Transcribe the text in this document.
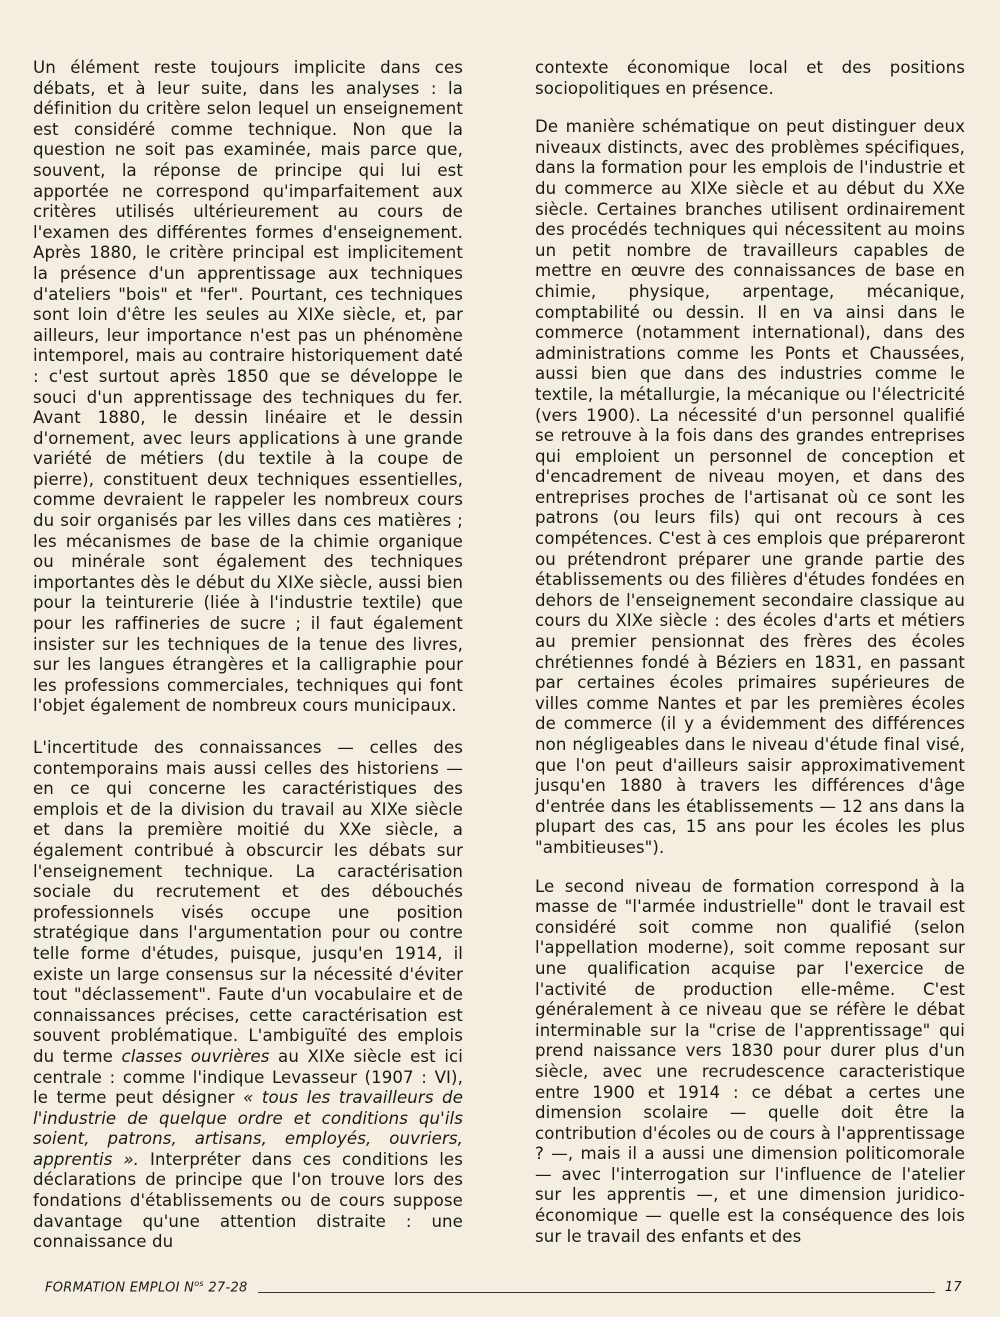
Un élément reste toujours implicite dans ces débats, et à leur suite, dans les analyses : la définition du critère selon lequel un enseignement est considéré comme technique. Non que la question ne soit pas examinée, mais parce que, souvent, la réponse de principe qui lui est apportée ne correspond qu'imparfaitement aux critères utilisés ultérieurement au cours de l'examen des différentes formes d'enseignement. Après 1880, le critère principal est implicitement la présence d'un apprentissage aux techniques d'ateliers "bois" et "fer". Pourtant, ces techniques sont loin d'être les seules au XIXe siècle, et, par ailleurs, leur importance n'est pas un phénomène intemporel, mais au contraire historiquement daté : c'est surtout après 1850 que se développe le souci d'un apprentissage des techniques du fer. Avant 1880, le dessin linéaire et le dessin d'ornement, avec leurs applications à une grande variété de métiers (du textile à la coupe de pierre), constituent deux techniques essentielles, comme devraient le rappeler les nombreux cours du soir organisés par les villes dans ces matières ; les mécanismes de base de la chimie organique ou minérale sont également des techniques importantes dès le début du XIXe siècle, aussi bien pour la teinturerie (liée à l'industrie textile) que pour les raffineries de sucre ; il faut également insister sur les techniques de la tenue des livres, sur les langues étrangères et la calligraphie pour les professions commerciales, techniques qui font l'objet également de nombreux cours municipaux.

L'incertitude des connaissances — celles des contemporains mais aussi celles des historiens — en ce qui concerne les caractéristiques des emplois et de la division du travail au XIXe siècle et dans la première moitié du XXe siècle, a également contribué à obscurcir les débats sur l'enseignement technique. La caractérisation sociale du recrutement et des débouchés professionnels visés occupe une position stratégique dans l'argumentation pour ou contre telle forme d'études, puisque, jusqu'en 1914, il existe un large consensus sur la nécessité d'éviter tout "déclassement". Faute d'un vocabulaire et de connaissances précises, cette caractérisation est souvent problématique. L'ambiguïté des emplois du terme classes ouvrières au XIXe siècle est ici centrale : comme l'indique Levasseur (1907 : VI), le terme peut désigner « tous les travailleurs de l'industrie de quelque ordre et conditions qu'ils soient, patrons, artisans, employés, ouvriers, apprentis ». Interpréter dans ces conditions les déclarations de principe que l'on trouve lors des fondations d'établissements ou de cours suppose davantage qu'une attention distraite : une connaissance du

contexte économique local et des positions sociopolitiques en présence.

De manière schématique on peut distinguer deux niveaux distincts, avec des problèmes spécifiques, dans la formation pour les emplois de l'industrie et du commerce au XIXe siècle et au début du XXe siècle. Certaines branches utilisent ordinairement des procédés techniques qui nécessitent au moins un petit nombre de travailleurs capables de mettre en œuvre des connaissances de base en chimie, physique, arpentage, mécanique, comptabilité ou dessin. Il en va ainsi dans le commerce (notamment international), dans des administrations comme les Ponts et Chaussées, aussi bien que dans des industries comme le textile, la métallurgie, la mécanique ou l'électricité (vers 1900). La nécessité d'un personnel qualifié se retrouve à la fois dans des grandes entreprises qui emploient un personnel de conception et d'encadrement de niveau moyen, et dans des entreprises proches de l'artisanat où ce sont les patrons (ou leurs fils) qui ont recours à ces compétences. C'est à ces emplois que prépareront ou prétendront préparer une grande partie des établissements ou des filières d'études fondées en dehors de l'enseignement secondaire classique au cours du XIXe siècle : des écoles d'arts et métiers au premier pensionnat des frères des écoles chrétiennes fondé à Béziers en 1831, en passant par certaines écoles primaires supérieures de villes comme Nantes et par les premières écoles de commerce (il y a évidemment des différences non négligeables dans le niveau d'étude final visé, que l'on peut d'ailleurs saisir approximativement jusqu'en 1880 à travers les différences d'âge d'entrée dans les établissements — 12 ans dans la plupart des cas, 15 ans pour les écoles les plus "ambitieuses").

Le second niveau de formation correspond à la masse de "l'armée industrielle" dont le travail est considéré soit comme non qualifié (selon l'appellation moderne), soit comme reposant sur une qualification acquise par l'exercice de l'activité de production elle-même. C'est généralement à ce niveau que se réfère le débat interminable sur la "crise de l'apprentissage" qui prend naissance vers 1830 pour durer plus d'un siècle, avec une recrudescence caracteristique entre 1900 et 1914 : ce débat a certes une dimension scolaire — quelle doit être la contribution d'écoles ou de cours à l'apprentissage ? —, mais il a aussi une dimension politicomorale — avec l'interrogation sur l'influence de l'atelier sur les apprentis —, et une dimension juridico-économique — quelle est la conséquence des lois sur le travail des enfants et des

FORMATION EMPLOI $N^{os}$ 27-28	17
